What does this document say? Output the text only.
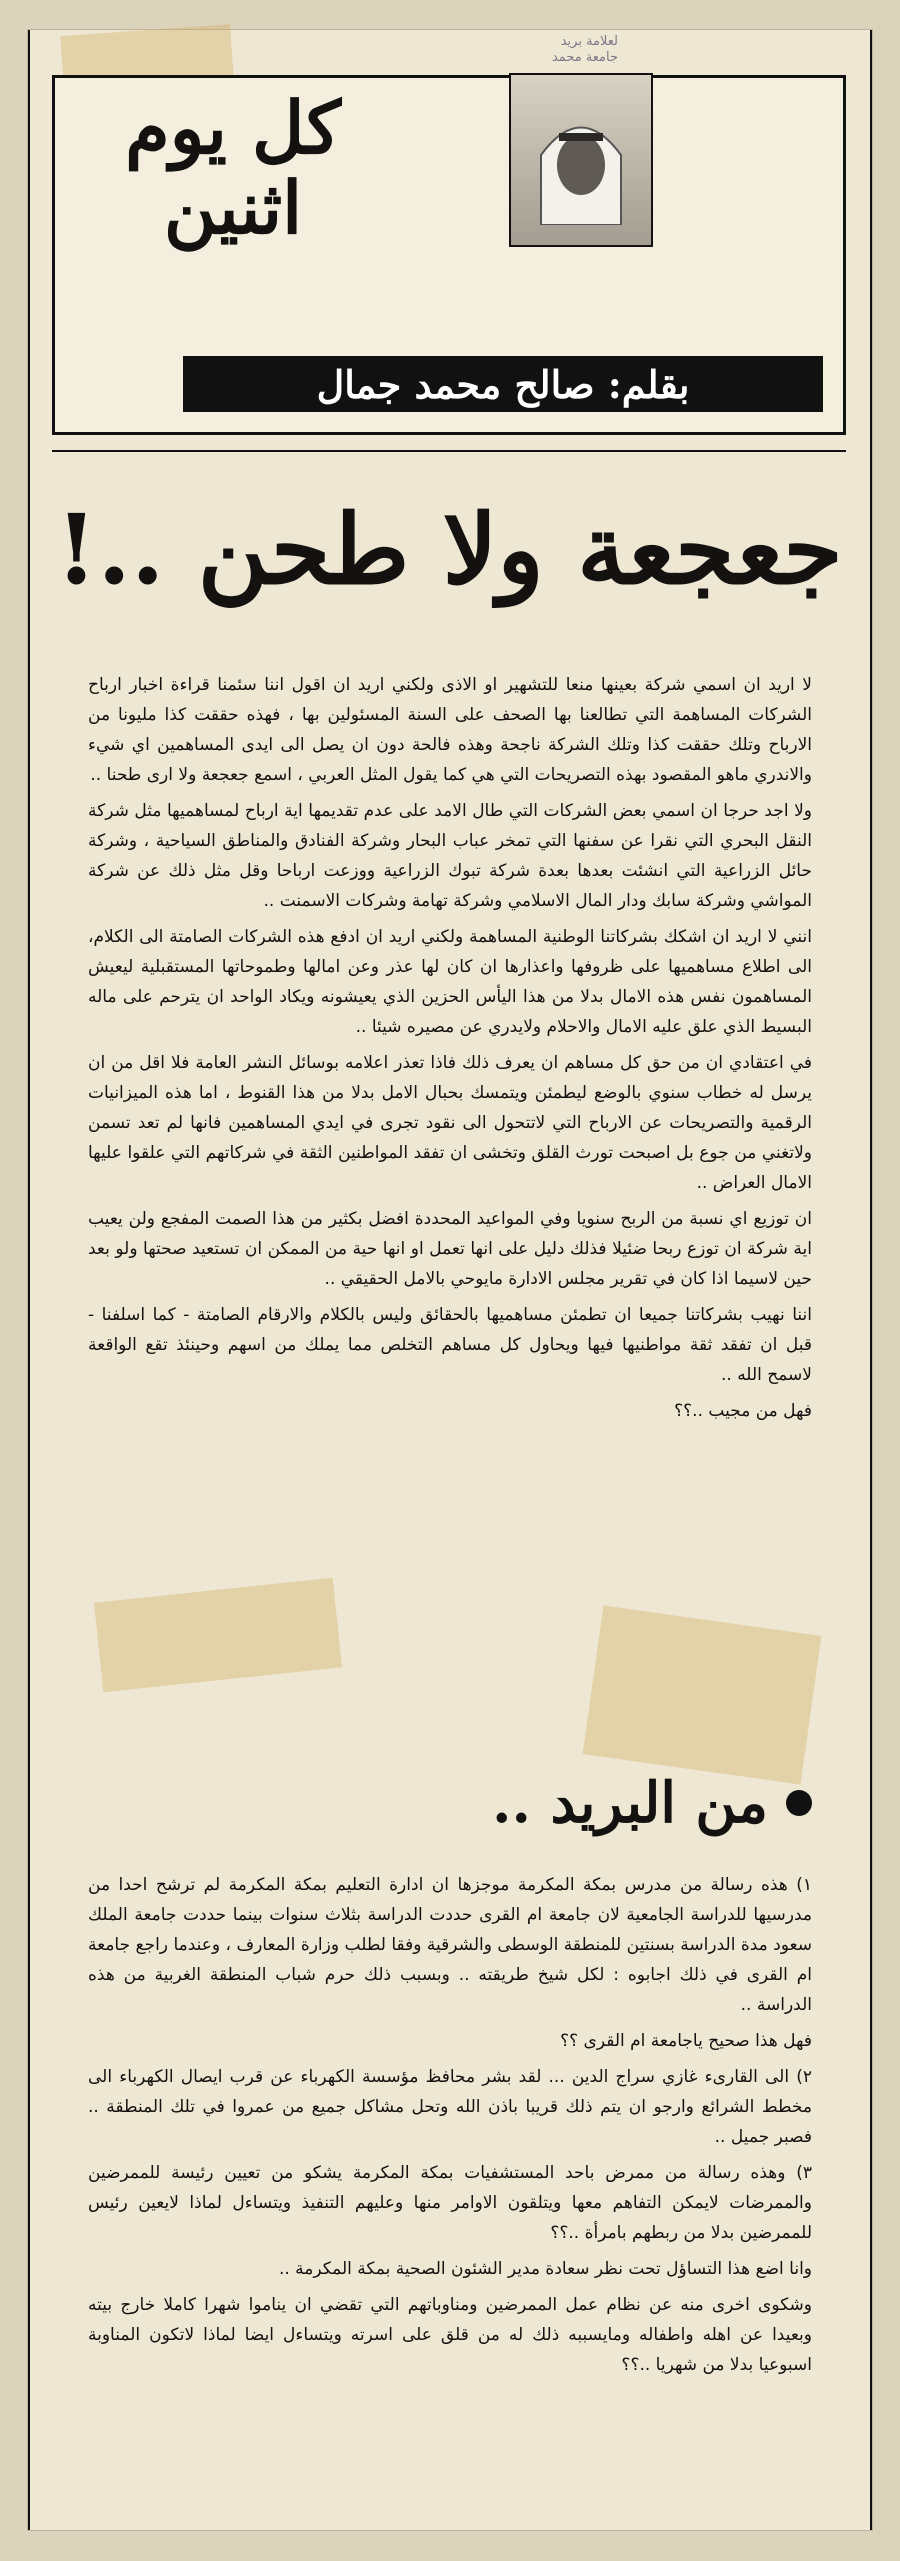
لعلامة بريد
جامعة محمد
كل يوم اثنين
بقلم: صالح محمد جمال
جعجعة ولا طحن ..!

لا اريد ان اسمي شركة بعينها منعا للتشهير او الاذى ولكني اريد ان اقول اننا سئمنا قراءة اخبار ارباح الشركات المساهمة التي تطالعنا بها الصحف على السنة المسئولين بها ، فهذه حققت كذا مليونا من الارباح وتلك حققت كذا وتلك الشركة ناجحة وهذه فالحة دون ان يصل الى ايدى المساهمين اي شيء والاندري ماهو المقصود بهذه التصريحات التي هي كما يقول المثل العربي ، اسمع جعجعة ولا ارى طحنا ..

ولا اجد حرجا ان اسمي بعض الشركات التي طال الامد على عدم تقديمها اية ارباح لمساهميها مثل شركة النقل البحري التي نقرا عن سفنها التي تمخر عباب البحار وشركة الفنادق والمناطق السياحية ، وشركة حائل الزراعية التي انشئت بعدها بعدة شركة تبوك الزراعية ووزعت ارباحا وقل مثل ذلك عن شركة المواشي وشركة سابك ودار المال الاسلامي وشركة تهامة وشركات الاسمنت ..

انني لا اريد ان اشكك بشركاتنا الوطنية المساهمة ولكني اريد ان ادفع هذه الشركات الصامتة الى الكلام، الى اطلاع مساهميها على ظروفها واعذارها ان كان لها عذر وعن امالها وطموحاتها المستقبلية ليعيش المساهمون نفس هذه الامال بدلا من هذا اليأس الحزين الذي يعيشونه ويكاد الواحد ان يترحم على ماله البسيط الذي علق عليه الامال والاحلام ولايدري عن مصيره شيئا ..

في اعتقادي ان من حق كل مساهم ان يعرف ذلك فاذا تعذر اعلامه بوسائل النشر العامة فلا اقل من ان يرسل له خطاب سنوي بالوضع ليطمئن ويتمسك بحبال الامل بدلا من هذا القنوط ، اما هذه الميزانيات الرقمية والتصريحات عن الارباح التي لاتتحول الى نقود تجرى في ايدي المساهمين فانها لم تعد تسمن ولاتغني من جوع بل اصبحت تورث القلق وتخشى ان تفقد المواطنين الثقة في شركاتهم التي علقوا عليها الامال العراض ..

ان توزيع اي نسبة من الربح سنويا وفي المواعيد المحددة افضل بكثير من هذا الصمت المفجع ولن يعيب اية شركة ان توزع ربحا ضئيلا فذلك دليل على انها تعمل او انها حية من الممكن ان تستعيد صحتها ولو بعد حين لاسيما اذا كان في تقرير مجلس الادارة مايوحي بالامل الحقيقي ..

اننا نهيب بشركاتنا جميعا ان تطمئن مساهميها بالحقائق وليس بالكلام والارقام الصامتة - كما اسلفنا - قبل ان تفقد ثقة مواطنيها فيها ويحاول كل مساهم التخلص مما يملك من اسهم وحينئذ تقع الواقعة لاسمح الله ..

فهل من مجيب ..؟؟

من البريد ..

١) هذه رسالة من مدرس بمكة المكرمة موجزها ان ادارة التعليم بمكة المكرمة لم ترشح احدا من مدرسيها للدراسة الجامعية لان جامعة ام القرى حددت الدراسة بثلاث سنوات بينما حددت جامعة الملك سعود مدة الدراسة بسنتين للمنطقة الوسطى والشرقية وفقا لطلب وزارة المعارف ، وعندما راجع جامعة ام القرى في ذلك اجابوه : لكل شيخ طريقته .. وبسبب ذلك حرم شباب المنطقة الغربية من هذه الدراسة ..

فهل هذا صحيح ياجامعة ام القرى ؟؟

٢) الى القارىء غازي سراج الدين ... لقد بشر محافظ مؤسسة الكهرباء عن قرب ايصال الكهرباء الى مخطط الشرائع وارجو ان يتم ذلك قريبا باذن الله وتحل مشاكل جميع من عمروا في تلك المنطقة .. فصبر جميل ..

٣) وهذه رسالة من ممرض باحد المستشفيات بمكة المكرمة يشكو من تعيين رئيسة للممرضين والممرضات لايمكن التفاهم معها ويتلقون الاوامر منها وعليهم التنفيذ ويتساءل لماذا لايعين رئيس للممرضين بدلا من ربطهم بامرأة ..؟؟

وانا اضع هذا التساؤل تحت نظر سعادة مدير الشئون الصحية بمكة المكرمة ..

وشكوى اخرى منه عن نظام عمل الممرضين ومناوباتهم التي تقضي ان يناموا شهرا كاملا خارج بيته وبعيدا عن اهله واطفاله ومايسببه ذلك له من قلق على اسرته ويتساءل ايضا لماذا لاتكون المناوبة اسبوعيا بدلا من شهريا ..؟؟
